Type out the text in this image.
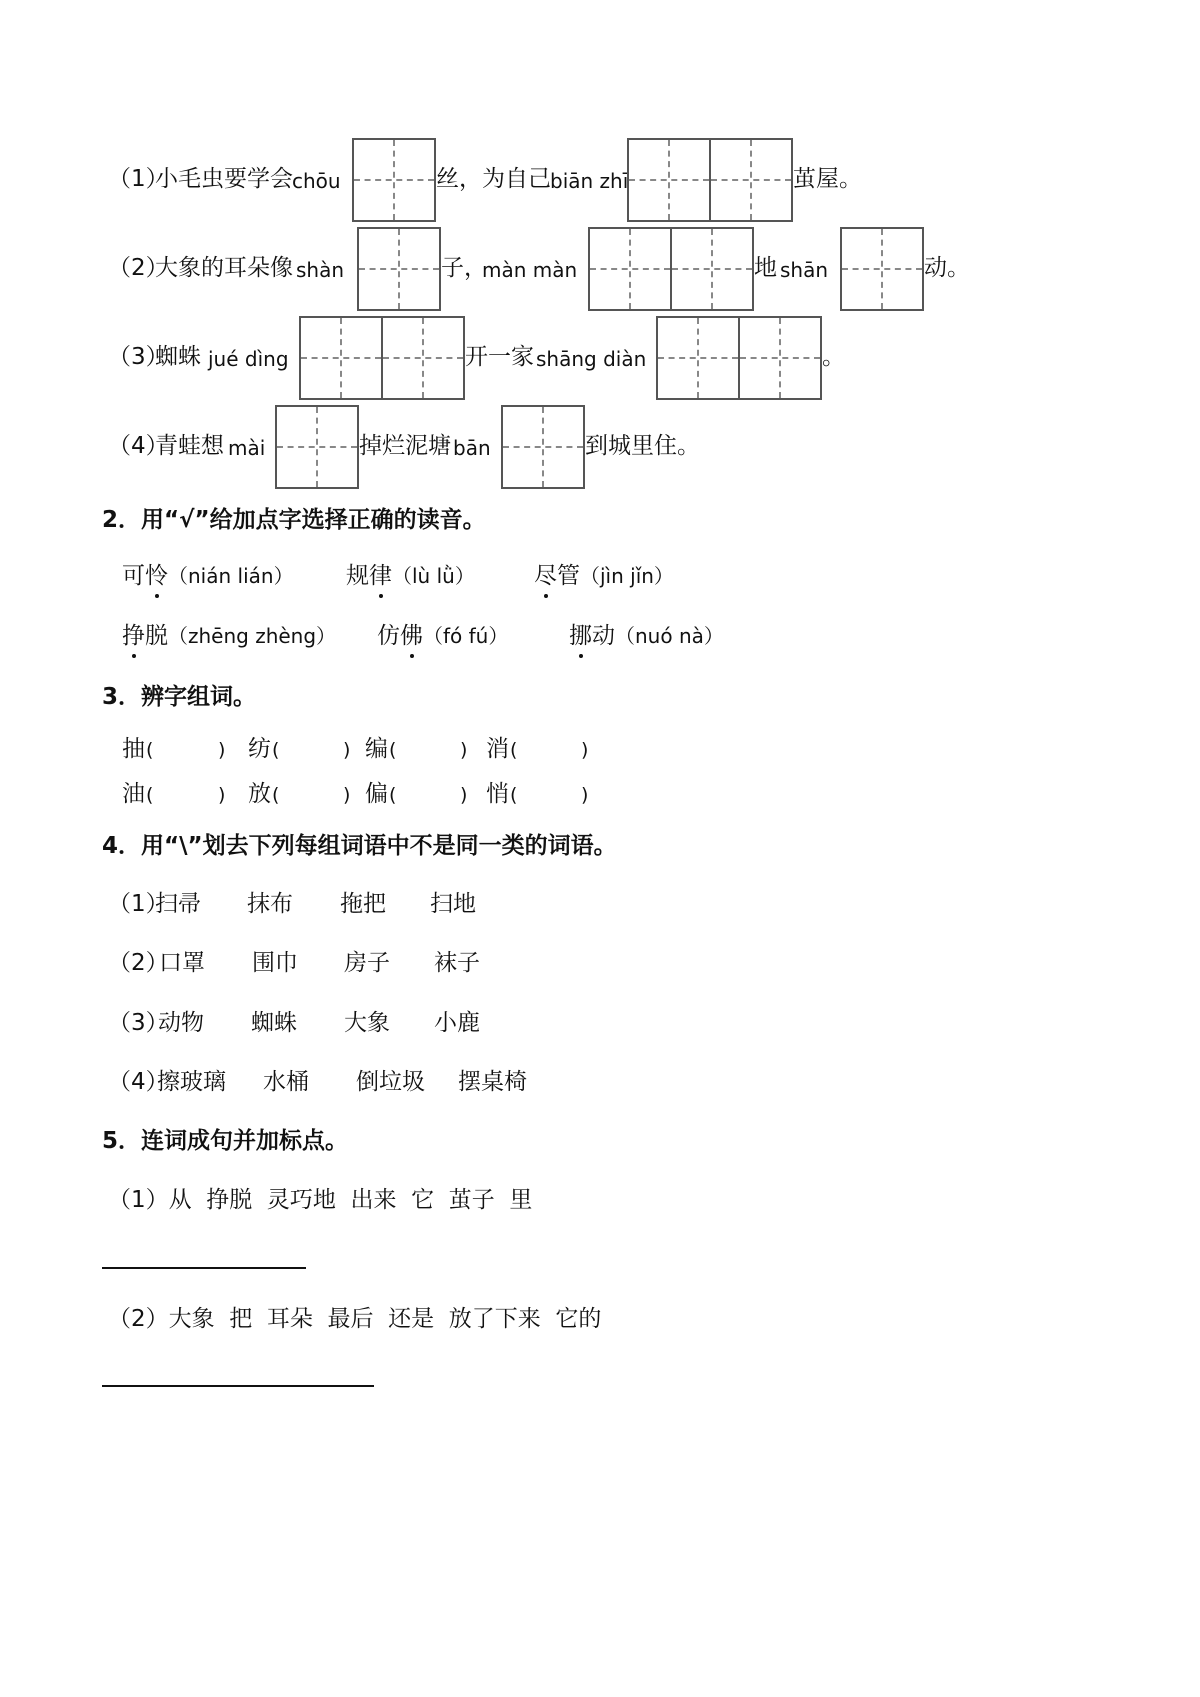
（1）
小毛虫要学会 chōu	丝，为自己 biān zhī	茧屋。
（2）
大象的耳朵像 shàn	子，
màn màn	地 shān	动。
（3）
蜘蛛 jué dìng	开一家 shāng diàn	。
（4）
青蛙想 mài	掉烂泥塘 bān	到城里住。
2．用“√”给加点字选择正确的读音。
可怜（nián lián） 规律（lù lǜ）	尽管（jìn jǐn）
挣脱（zhēng zhèng） 仿佛（fó fú）	挪动（nuó nà）
3．辨字组词。
抽 (	) 纺 (	) 编 (	) 消 (	)
油 (	) 放 (	) 偏 (	) 悄 (	)
4．用“\”划去下列每组词语中不是同一类的词语。
（1）
扫帚 抹布 拖把 扫地
（2）
口罩 围巾 房子 袜子
（3）
动物 蜘蛛 大象 小鹿
（4）
擦玻璃 水桶 倒垃圾 摆桌椅
5．连词成句并加标点。
（1）从  挣脱  灵巧地  出来  它  茧子  里
（2）大象  把  耳朵  最后  还是  放了下来  它的
